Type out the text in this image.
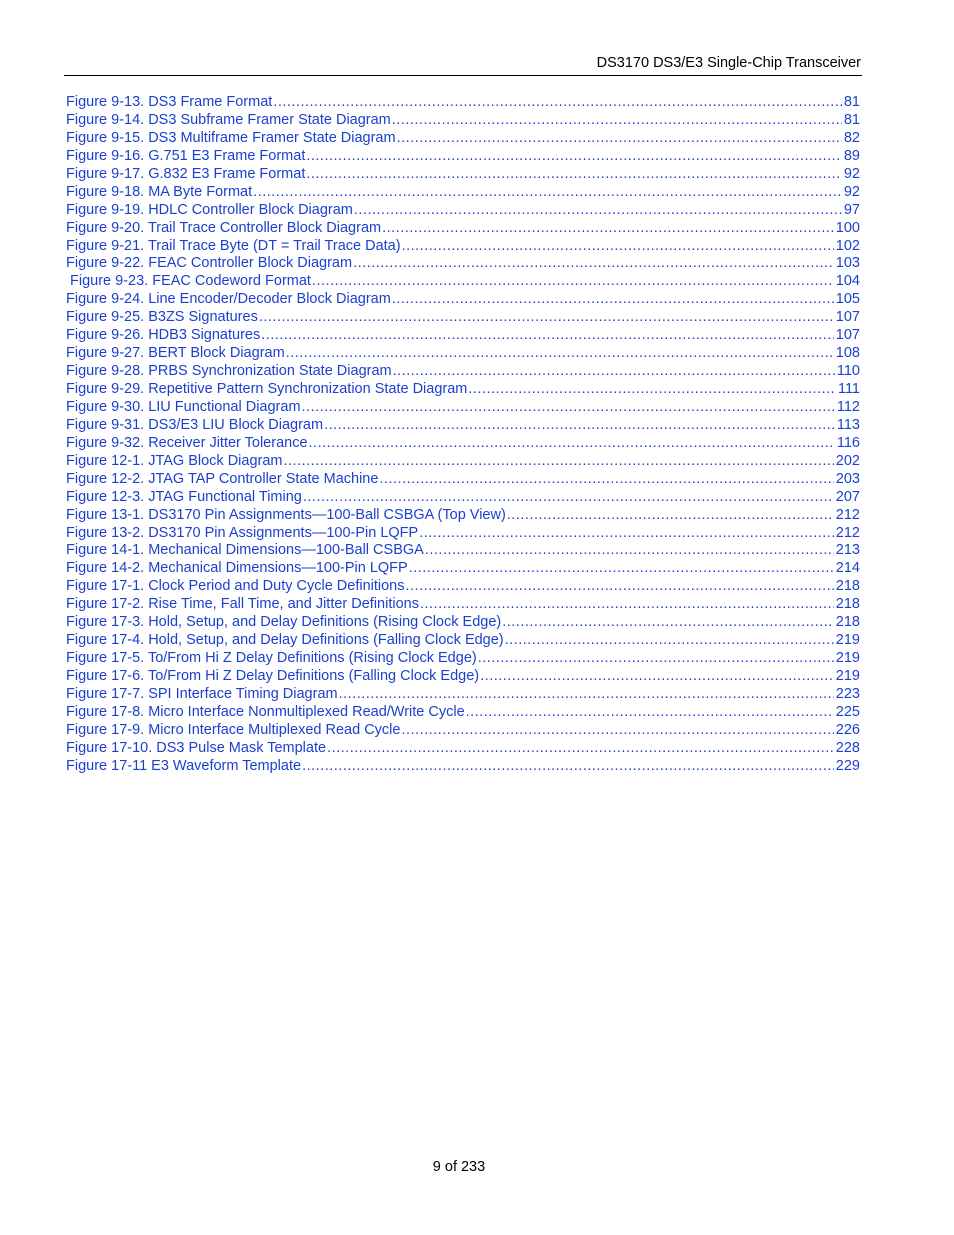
DS3170 DS3/E3 Single-Chip Transceiver
Figure 9-13. DS3 Frame Format .....	81
Figure 9-14. DS3 Subframe Framer State Diagram .....	81
Figure 9-15. DS3 Multiframe Framer State Diagram .....	82
Figure 9-16. G.751 E3 Frame Format .....	89
Figure 9-17. G.832 E3 Frame Format .....	92
Figure 9-18. MA Byte Format .....	92
Figure 9-19. HDLC Controller Block Diagram .....	97
Figure 9-20. Trail Trace Controller Block Diagram .....	100
Figure 9-21. Trail Trace Byte (DT = Trail Trace Data) .....	102
Figure 9-22. FEAC Controller Block Diagram .....	103
Figure 9-23. FEAC Codeword Format .....	104
Figure 9-24. Line Encoder/Decoder Block Diagram .....	105
Figure 9-25. B3ZS Signatures .....	107
Figure 9-26. HDB3 Signatures .....	107
Figure 9-27. BERT Block Diagram .....	108
Figure 9-28. PRBS Synchronization State Diagram .....	110
Figure 9-29. Repetitive Pattern Synchronization State Diagram .....	111
Figure 9-30. LIU Functional Diagram .....	112
Figure 9-31. DS3/E3 LIU Block Diagram .....	113
Figure 9-32. Receiver Jitter Tolerance .....	116
Figure 12-1. JTAG Block Diagram .....	202
Figure 12-2. JTAG TAP Controller State Machine .....	203
Figure 12-3. JTAG Functional Timing .....	207
Figure 13-1. DS3170 Pin Assignments—100-Ball CSBGA (Top View) .....	212
Figure 13-2. DS3170 Pin Assignments—100-Pin LQFP .....	212
Figure 14-1. Mechanical Dimensions—100-Ball CSBGA .....	213
Figure 14-2. Mechanical Dimensions—100-Pin LQFP .....	214
Figure 17-1. Clock Period and Duty Cycle Definitions .....	218
Figure 17-2. Rise Time, Fall Time, and Jitter Definitions .....	218
Figure 17-3. Hold, Setup, and Delay Definitions (Rising Clock Edge) .....	218
Figure 17-4. Hold, Setup, and Delay Definitions (Falling Clock Edge) .....	219
Figure 17-5. To/From Hi Z Delay Definitions (Rising Clock Edge) .....	219
Figure 17-6. To/From Hi Z Delay Definitions (Falling Clock Edge) .....	219
Figure 17-7. SPI Interface Timing Diagram .....	223
Figure 17-8. Micro Interface Nonmultiplexed Read/Write Cycle .....	225
Figure 17-9. Micro Interface Multiplexed Read Cycle .....	226
Figure 17-10. DS3 Pulse Mask Template .....	228
Figure 17-11 E3 Waveform Template .....	229
9 of 233
